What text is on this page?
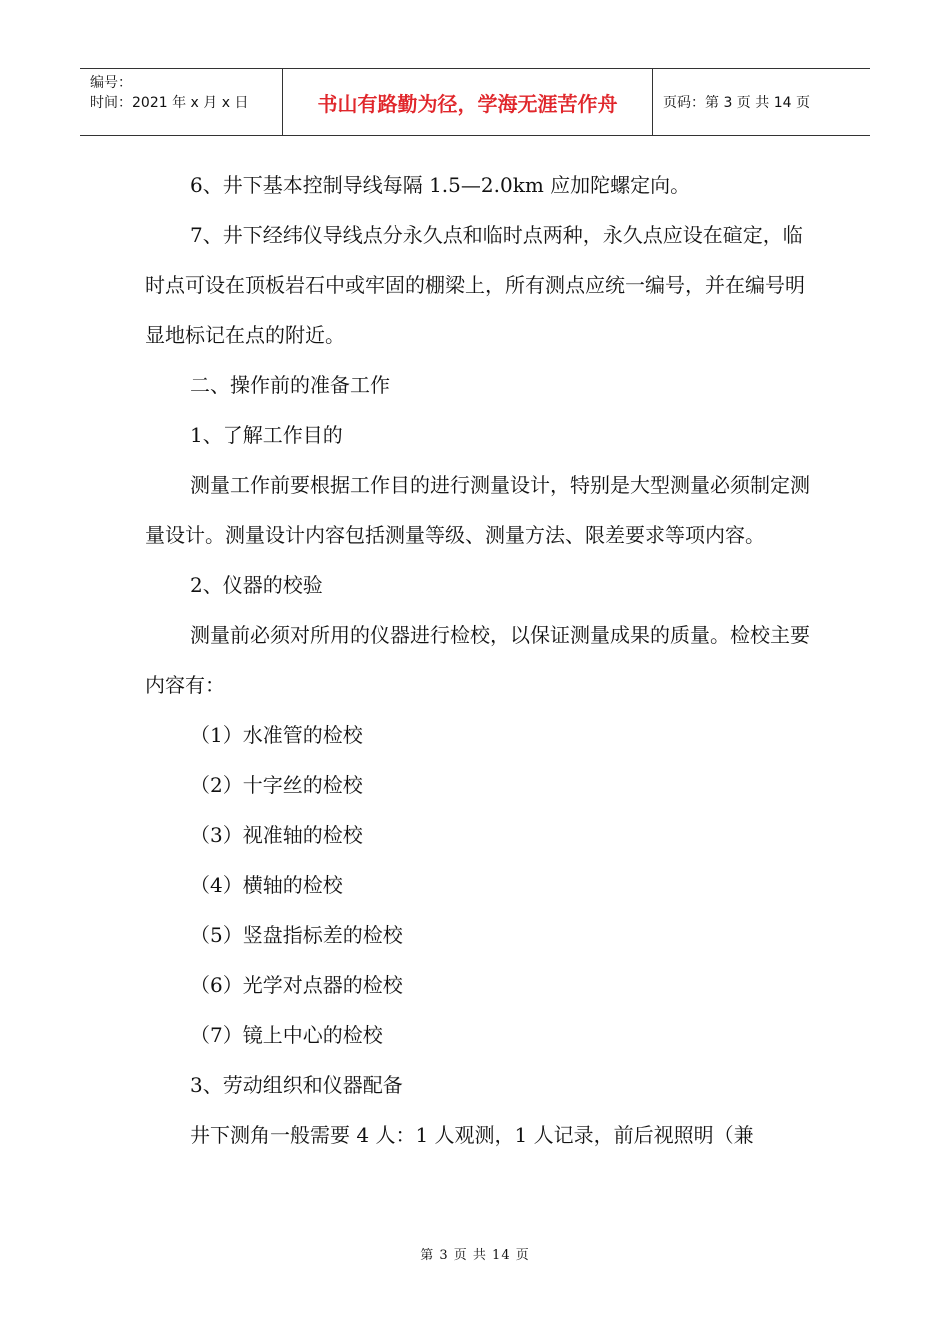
编号：
时间：2021 年 x 月 x 日	书山有路勤为径，学海无涯苦作舟	页码：第 3 页 共 14 页

6、井下基本控制导线每隔 1.5—2.0km 应加陀螺定向。

7、井下经纬仪导线点分永久点和临时点两种，永久点应设在碹定，临时点可设在顶板岩石中或牢固的棚梁上，所有测点应统一编号，并在编号明显地标记在点的附近。

二、操作前的准备工作

1、了解工作目的

测量工作前要根据工作目的进行测量设计，特别是大型测量必须制定测量设计。测量设计内容包括测量等级、测量方法、限差要求等项内容。

2、仪器的校验

测量前必须对所用的仪器进行检校，以保证测量成果的质量。检校主要内容有：

（1）水准管的检校

（2）十字丝的检校

（3）视准轴的检校

（4）横轴的检校

（5）竖盘指标差的检校

（6）光学对点器的检校

（7）镜上中心的检校

3、劳动组织和仪器配备

井下测角一般需要 4 人：1 人观测，1 人记录，前后视照明（兼

第 3 页 共 14 页
